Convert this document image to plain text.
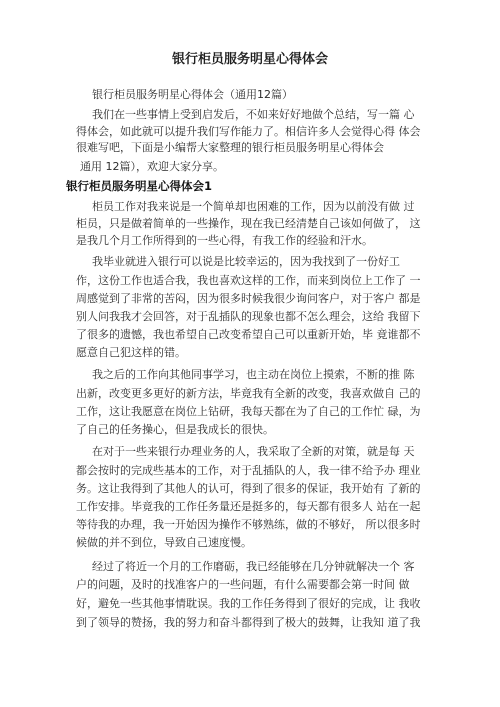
银行柜员服务明星心得体会
银行柜员服务明星心得体会（通用12篇）
我们在一些事情上受到启发后，不如来好好地做个总结，写一篇 心
得体会，如此就可以提升我们写作能力了。相信许多人会觉得心得 体会
很难写吧，下面是小编帮大家整理的银行柜员服务明星心得体会
通用 12篇），欢迎大家分享。
银行柜员服务明星心得体会1
柜员工作对我来说是一个简单却也困难的工作，因为以前没有做 过
柜员，只是做着简单的一些操作，现在我已经清楚自己该如何做了， 这
是我几个月工作所得到的一些心得，有我工作的经验和汗水。
我毕业就进入银行可以说是比较幸运的，因为我找到了一份好工
作，这份工作也适合我，我也喜欢这样的工作，而来到岗位上工作了 一
周感觉到了非常的苦闷，因为很多时候我很少询问客户，对于客户 都是
别人问我我才会回答，对于乱插队的现象也都不怎么理会，这给 我留下
了很多的遗憾，我也希望自己改变希望自己可以重新开始，毕 竟谁都不
愿意自己犯这样的错。
我之后的工作向其他同事学习，也主动在岗位上摸索，不断的推 陈
出新，改变更多更好的新方法，毕竟我有全新的改变，我喜欢做自 己的
工作，这让我愿意在岗位上钻研，我每天都在为了自己的工作忙 碌，为
了自己的任务操心，但是我成长的很快。
在对于一些来银行办理业务的人，我采取了全新的对策，就是每 天
都会按时的完成些基本的工作，对于乱插队的人，我一律不给予办 理业
务。这让我得到了其他人的认可，得到了很多的保证，我开始有 了新的
工作安排。毕竟我的工作任务量还是挺多的，每天都有很多人 站在一起
等待我的办理，我一开始因为操作不够熟练，做的不够好， 所以很多时
候做的并不到位，导致自己速度慢。
经过了将近一个月的工作磨砺，我已经能够在几分钟就解决一个 客
户的问题，及时的找准客户的一些问题，有什么需要都会第一时间 做
好，避免一些其他事情耽误。我的工作任务得到了很好的完成，让 我收
到了领导的赞扬，我的努力和奋斗都得到了极大的鼓舞，让我知 道了我
